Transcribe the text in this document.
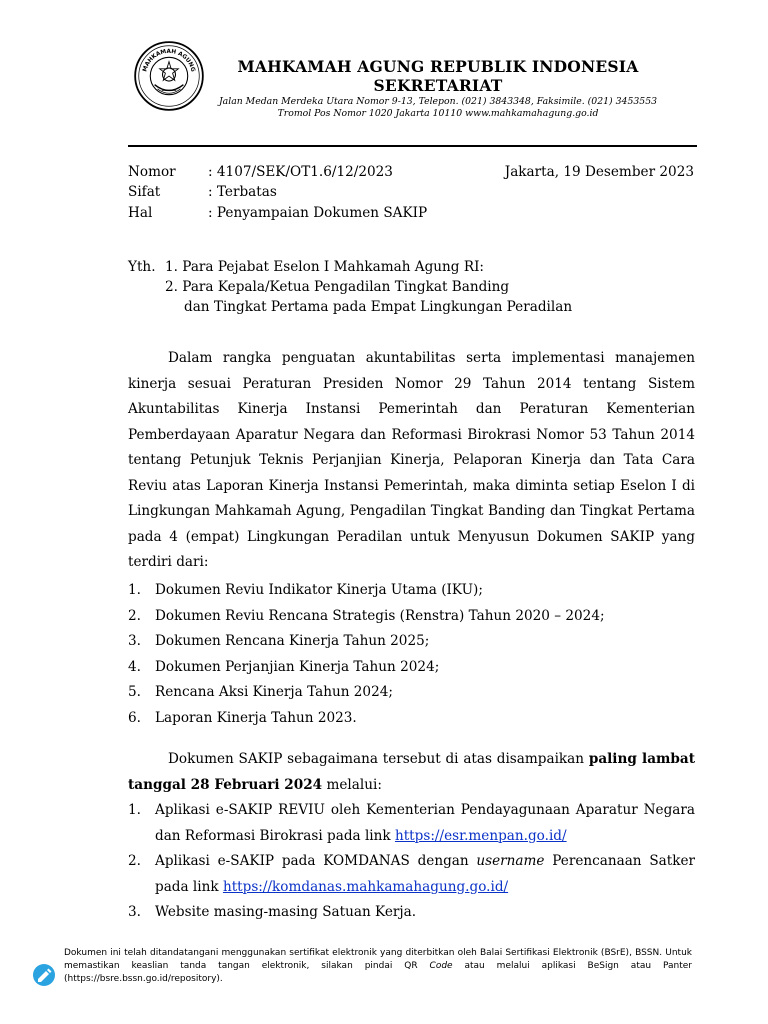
MAHKAMAH AGUNG	MAHKAMAH AGUNG REPUBLIK INDONESIA
SEKRETARIAT
Jalan Medan Merdeka Utara Nomor 9-13, Telepon. (021) 3843348, Faksimile. (021) 3453553
Tromol Pos Nomor 1020 Jakarta 10110 www.mahkamahagung.go.id
Nomor : 4107/SEK/OT1.6/12/2023	Jakarta, 19 Desember 2023
Sifat	: Terbatas
Hal	: Penyampaian Dokumen SAKIP
Yth. 1. Para Pejabat Eselon I Mahkamah Agung RI:
2. Para Kepala/Ketua Pengadilan Tingkat Banding
dan Tingkat Pertama pada Empat Lingkungan Peradilan
Dalam rangka penguatan akuntabilitas serta implementasi manajemen kinerja sesuai Peraturan Presiden Nomor 29 Tahun 2014 tentang Sistem Akuntabilitas Kinerja Instansi Pemerintah dan Peraturan Kementerian Pemberdayaan Aparatur Negara dan Reformasi Birokrasi Nomor 53 Tahun 2014 tentang Petunjuk Teknis Perjanjian Kinerja, Pelaporan Kinerja dan Tata Cara Reviu atas Laporan Kinerja Instansi Pemerintah, maka diminta setiap Eselon I di Lingkungan Mahkamah Agung, Pengadilan Tingkat Banding dan Tingkat Pertama pada 4 (empat) Lingkungan Peradilan untuk Menyusun Dokumen SAKIP yang terdiri dari:
1. Dokumen Reviu Indikator Kinerja Utama (IKU);
2. Dokumen Reviu Rencana Strategis (Renstra) Tahun 2020 – 2024;
3. Dokumen Rencana Kinerja Tahun 2025;
4. Dokumen Perjanjian Kinerja Tahun 2024;
5. Rencana Aksi Kinerja Tahun 2024;
6. Laporan Kinerja Tahun 2023.
Dokumen SAKIP sebagaimana tersebut di atas disampaikan paling lambat tanggal 28 Februari 2024 melalui:
1. Aplikasi e-SAKIP REVIU oleh Kementerian Pendayagunaan Aparatur Negara dan Reformasi Birokrasi pada link https://esr.menpan.go.id/
2. Aplikasi e-SAKIP pada KOMDANAS dengan username Perencanaan Satker pada link https://komdanas.mahkamahagung.go.id/
3. Website masing-masing Satuan Kerja.
Dokumen ini telah ditandatangani menggunakan sertifikat elektronik yang diterbitkan oleh Balai Sertifikasi Elektronik (BSrE), BSSN. Untuk memastikan keaslian tanda tangan elektronik, silakan pindai QR Code atau melalui aplikasi BeSign atau Panter (https://bsre.bssn.go.id/repository).
